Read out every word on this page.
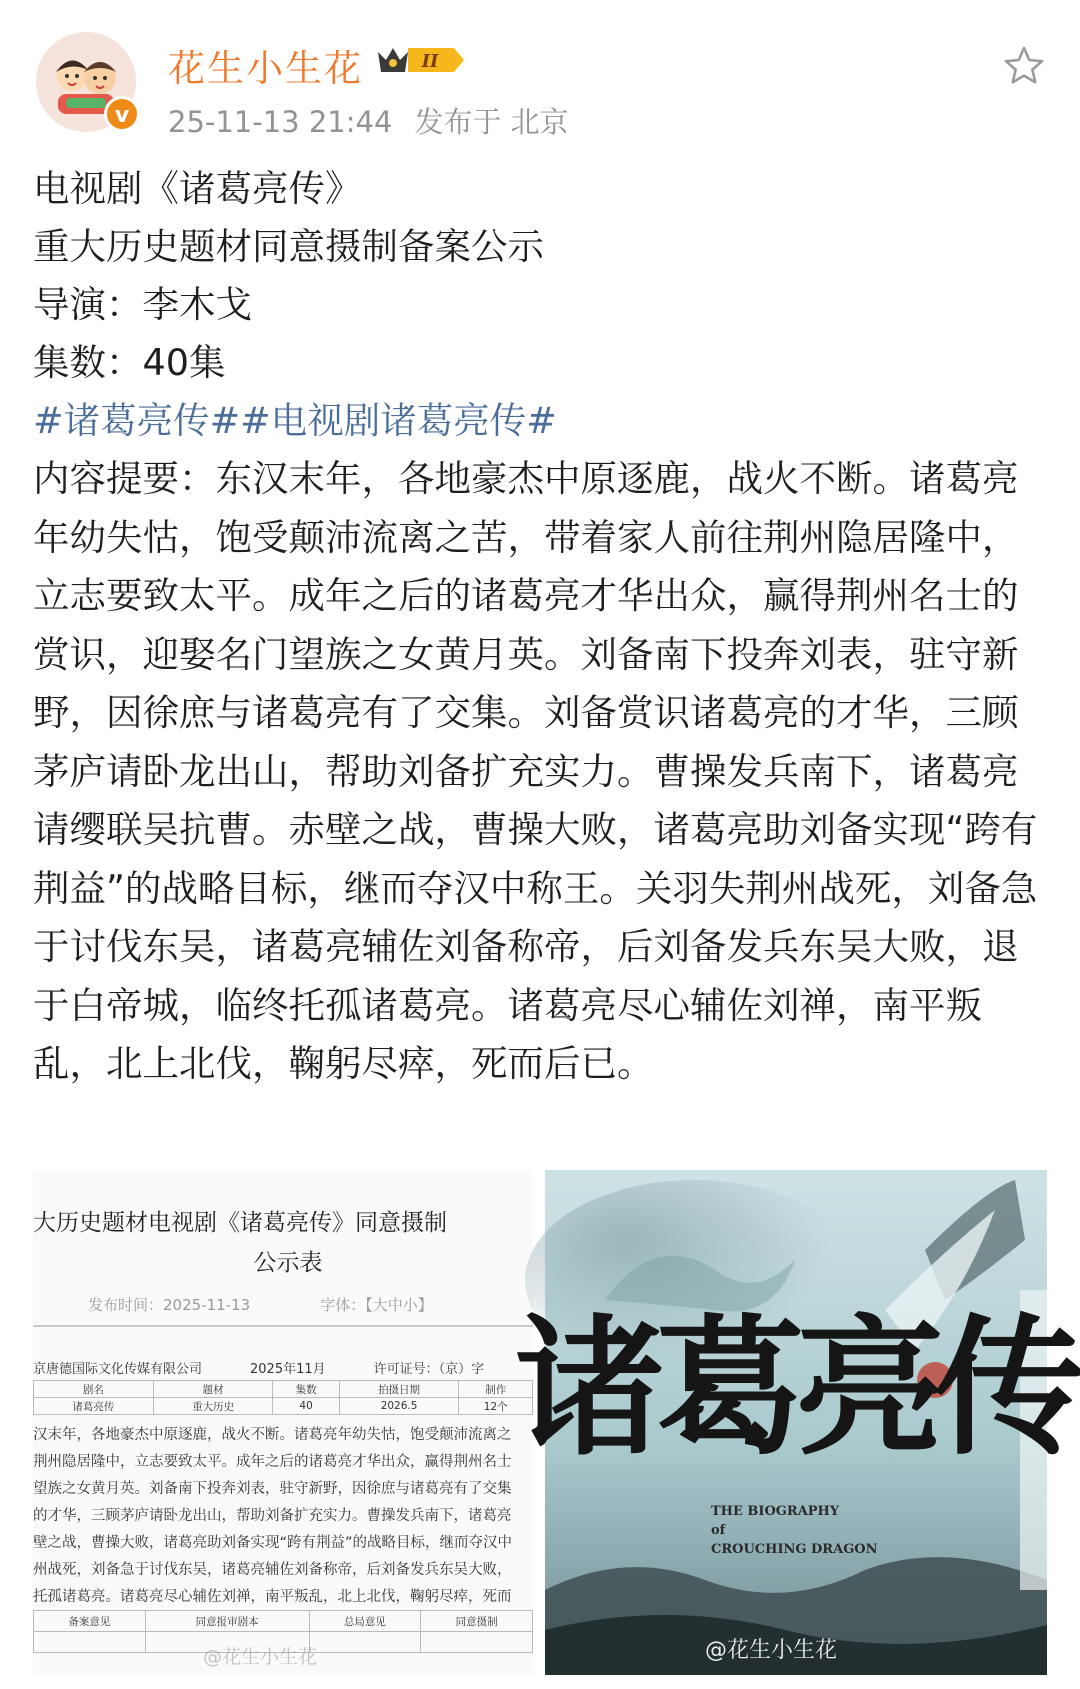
v
花生小生花	II
25-11-13 21:44 发布于 北京
电视剧《诸葛亮传》
重大历史题材同意摄制备案公示
导演：李木戈
集数：40集
#诸葛亮传##电视剧诸葛亮传#
内容提要：东汉末年，各地豪杰中原逐鹿，战火不断。诸葛亮年幼失怙，饱受颠沛流离之苦，带着家人前往荆州隐居隆中，立志要致太平。成年之后的诸葛亮才华出众，赢得荆州名士的赏识，迎娶名门望族之女黄月英。刘备南下投奔刘表，驻守新野，因徐庶与诸葛亮有了交集。刘备赏识诸葛亮的才华，三顾茅庐请卧龙出山，帮助刘备扩充实力。曹操发兵南下，诸葛亮请缨联吴抗曹。赤壁之战，曹操大败，诸葛亮助刘备实现“跨有荆益”的战略目标，继而夺汉中称王。关羽失荆州战死，刘备急于讨伐东吴，诸葛亮辅佐刘备称帝，后刘备发兵东吴大败，退于白帝城，临终托孤诸葛亮。诸葛亮尽心辅佐刘禅，南平叛乱，北上北伐，鞠躬尽瘁，死而后已。
大历史题材电视剧《诸葛亮传》同意摄制
公示表
发布时间：2025-11-13	字体：【大中小】
京唐德国际文化传媒有限公司	2025年11月	许可证号：（京）字
剧名	题材	集数	拍摄日期	制作
诸葛亮传	重大历史	40	2026.5	12个
汉末年，各地豪杰中原逐鹿，战火不断。诸葛亮年幼失怙，饱受颠沛流离之
荆州隐居隆中，立志要致太平。成年之后的诸葛亮才华出众，赢得荆州名士
望族之女黄月英。刘备南下投奔刘表，驻守新野，因徐庶与诸葛亮有了交集
的才华，三顾茅庐请卧龙出山，帮助刘备扩充实力。曹操发兵南下，诸葛亮
壁之战，曹操大败，诸葛亮助刘备实现“跨有荆益”的战略目标，继而夺汉中
州战死，刘备急于讨伐东吴，诸葛亮辅佐刘备称帝，后刘备发兵东吴大败，
托孤诸葛亮。诸葛亮尽心辅佐刘禅，南平叛乱，北上北伐，鞠躬尽瘁，死而
备案意见	同意报审剧本	总局意见	同意摄制

@花生小生花
诸葛亮传
THE BIOGRAPHY
of
CROUCHING DRAGON
@花生小生花
